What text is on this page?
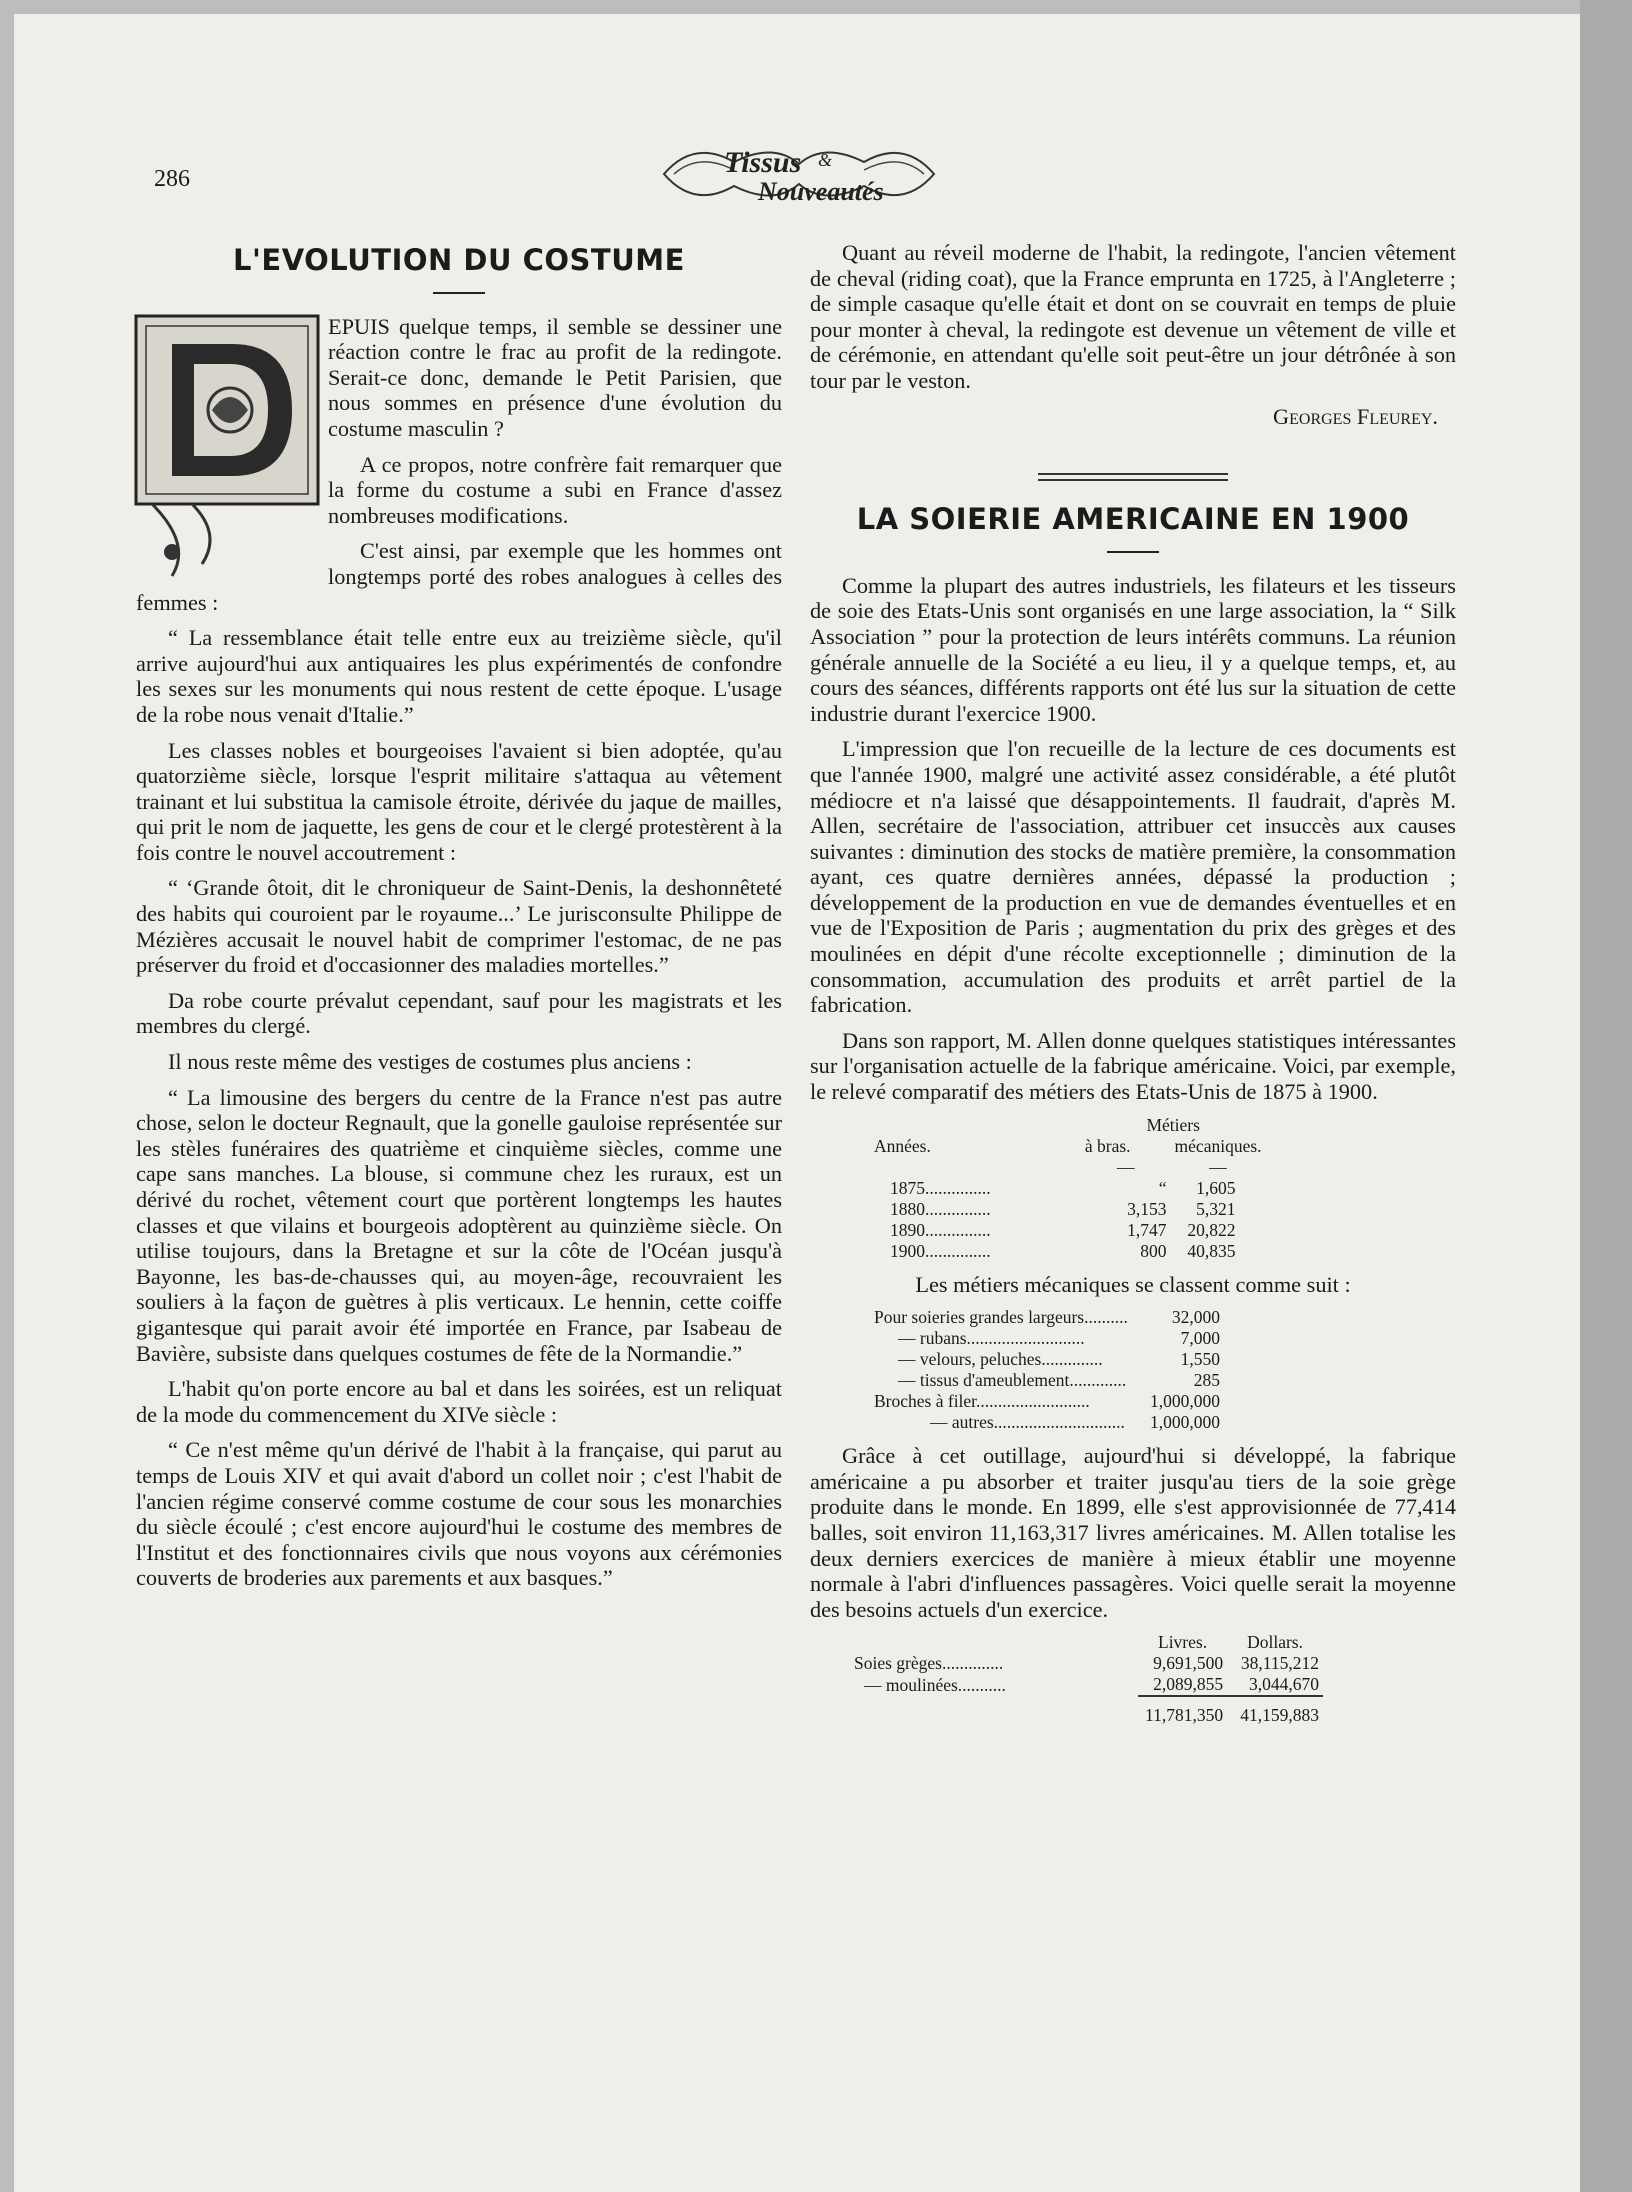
286	Tissus &
Nouveautés
L'EVOLUTION DU COSTUME

EPUIS quelque temps, il semble se dessiner une réaction contre le frac au profit de la redingote. Serait-ce donc, demande le Petit Parisien, que nous sommes en présence d'une évolution du costume masculin ?

A ce propos, notre confrère fait remarquer que la forme du costume a subi en France d'assez nombreuses modifications.

C'est ainsi, par exemple que les hommes ont longtemps porté des robes analogues à celles des femmes :

“ La ressemblance était telle entre eux au treizième siècle, qu'il arrive aujourd'hui aux antiquaires les plus expérimentés de confondre les sexes sur les monuments qui nous restent de cette époque. L'usage de la robe nous venait d'Italie.”

Les classes nobles et bourgeoises l'avaient si bien adoptée, qu'au quatorzième siècle, lorsque l'esprit militaire s'attaqua au vêtement trainant et lui substitua la camisole étroite, dérivée du jaque de mailles, qui prit le nom de jaquette, les gens de cour et le clergé protestèrent à la fois contre le nouvel accoutrement :

“ ‘Grande ôtoit, dit le chroniqueur de Saint-Denis, la deshonnêteté des habits qui couroient par le royaume...’ Le jurisconsulte Philippe de Mézières accusait le nouvel habit de comprimer l'estomac, de ne pas préserver du froid et d'occasionner des maladies mortelles.”

Da robe courte prévalut cependant, sauf pour les magistrats et les membres du clergé.

Il nous reste même des vestiges de costumes plus anciens :

“ La limousine des bergers du centre de la France n'est pas autre chose, selon le docteur Regnault, que la gonelle gauloise représentée sur les stèles funéraires des quatrième et cinquième siècles, comme une cape sans manches. La blouse, si commune chez les ruraux, est un dérivé du rochet, vêtement court que portèrent longtemps les hautes classes et que vilains et bourgeois adoptèrent au quinzième siècle. On utilise toujours, dans la Bretagne et sur la côte de l'Océan jusqu'à Bayonne, les bas-de-chausses qui, au moyen-âge, recouvraient les souliers à la façon de guètres à plis verticaux. Le hennin, cette coiffe gigantesque qui parait avoir été importée en France, par Isabeau de Bavière, subsiste dans quelques costumes de fête de la Normandie.”

L'habit qu'on porte encore au bal et dans les soirées, est un reliquat de la mode du commencement du XIVe siècle :

“ Ce n'est même qu'un dérivé de l'habit à la française, qui parut au temps de Louis XIV et qui avait d'abord un collet noir ; c'est l'habit de l'ancien régime conservé comme costume de cour sous les monarchies du siècle écoulé ; c'est encore aujourd'hui le costume des membres de l'Institut et des fonctionnaires civils que nous voyons aux cérémonies couverts de broderies aux parements et aux basques.”

Quant au réveil moderne de l'habit, la redingote, l'ancien vêtement de cheval (riding coat), que la France emprunta en 1725, à l'Angleterre ; de simple casaque qu'elle était et dont on se couvrait en temps de pluie pour monter à cheval, la redingote est devenue un vêtement de ville et de cérémonie, en attendant qu'elle soit peut-être un jour détrônée à son tour par le veston.

Georges Fleurey.
LA SOIERIE AMERICAINE EN 1900

Comme la plupart des autres industriels, les filateurs et les tisseurs de soie des Etats-Unis sont organisés en une large association, la “ Silk Association ” pour la protection de leurs intérêts communs. La réunion générale annuelle de la Société a eu lieu, il y a quelque temps, et, au cours des séances, différents rapports ont été lus sur la situation de cette industrie durant l'exercice 1900.

L'impression que l'on recueille de la lecture de ces documents est que l'année 1900, malgré une activité assez considérable, a été plutôt médiocre et n'a laissé que désappointements. Il faudrait, d'après M. Allen, secrétaire de l'association, attribuer cet insuccès aux causes suivantes : diminution des stocks de matière première, la consommation ayant, ces quatre dernières années, dépassé la production ; développement de la production en vue de demandes éventuelles et en vue de l'Exposition de Paris ; augmentation du prix des grèges et des moulinées en dépit d'une récolte exceptionnelle ; diminution de la consommation, accumulation des produits et arrêt partiel de la fabrication.

Dans son rapport, M. Allen donne quelques statistiques intéressantes sur l'organisation actuelle de la fabrique américaine. Voici, par exemple, le relevé comparatif des métiers des Etats-Unis de 1875 à 1900.

	Métiers	
Années.	à bras.	mécaniques.
	—	—
1875...............	“	1,605
1880...............	3,153	5,321
1890...............	1,747	20,822
1900...............	800	40,835

Les métiers mécaniques se classent comme suit :

Pour soieries grandes largeurs..........	32,000
— rubans...........................	7,000
— velours, peluches..............	1,550
— tissus d'ameublement.............	285
Broches à filer..........................	1,000,000
— autres..............................	1,000,000

Grâce à cet outillage, aujourd'hui si développé, la fabrique américaine a pu absorber et traiter jusqu'au tiers de la soie grège produite dans le monde. En 1899, elle s'est approvisionnée de 77,414 balles, soit environ 11,163,317 livres américaines. M. Allen totalise les deux derniers exercices de manière à mieux établir une moyenne normale à l'abri d'influences passagères. Voici quelle serait la moyenne des besoins actuels d'un exercice.

	Livres.	Dollars.
Soies grèges..............	9,691,500	38,115,212
— moulinées...........	2,089,855	3,044,670
	11,781,350	41,159,883
